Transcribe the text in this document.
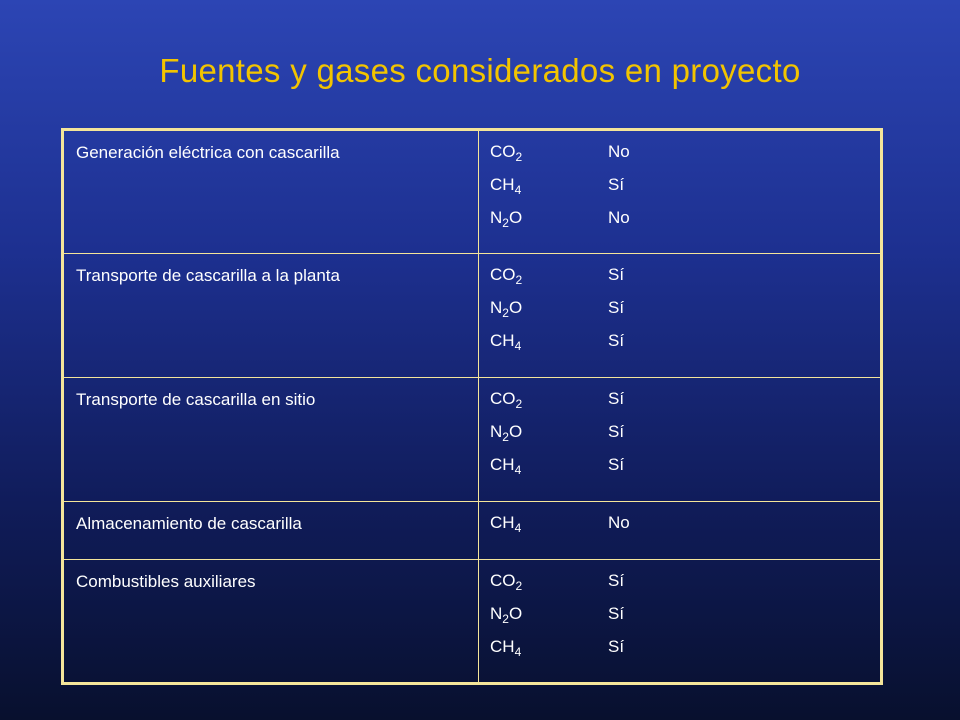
Fuentes y gases considerados en proyecto
Generación eléctrica con cascarilla	$CO_2$ No
$CH_4$ Sí
$N_2O$ No

Transporte de cascarilla a la planta	$CO_2$ Sí
$N_2O$ Sí
$CH_4$ Sí

Transporte de cascarilla en sitio	$CO_2$ Sí
$N_2O$ Sí
$CH_4$ Sí

Almacenamiento de cascarilla	$CH_4$ No

Combustibles auxiliares	$CO_2$ Sí
$N_2O$ Sí
$CH_4$ Sí
